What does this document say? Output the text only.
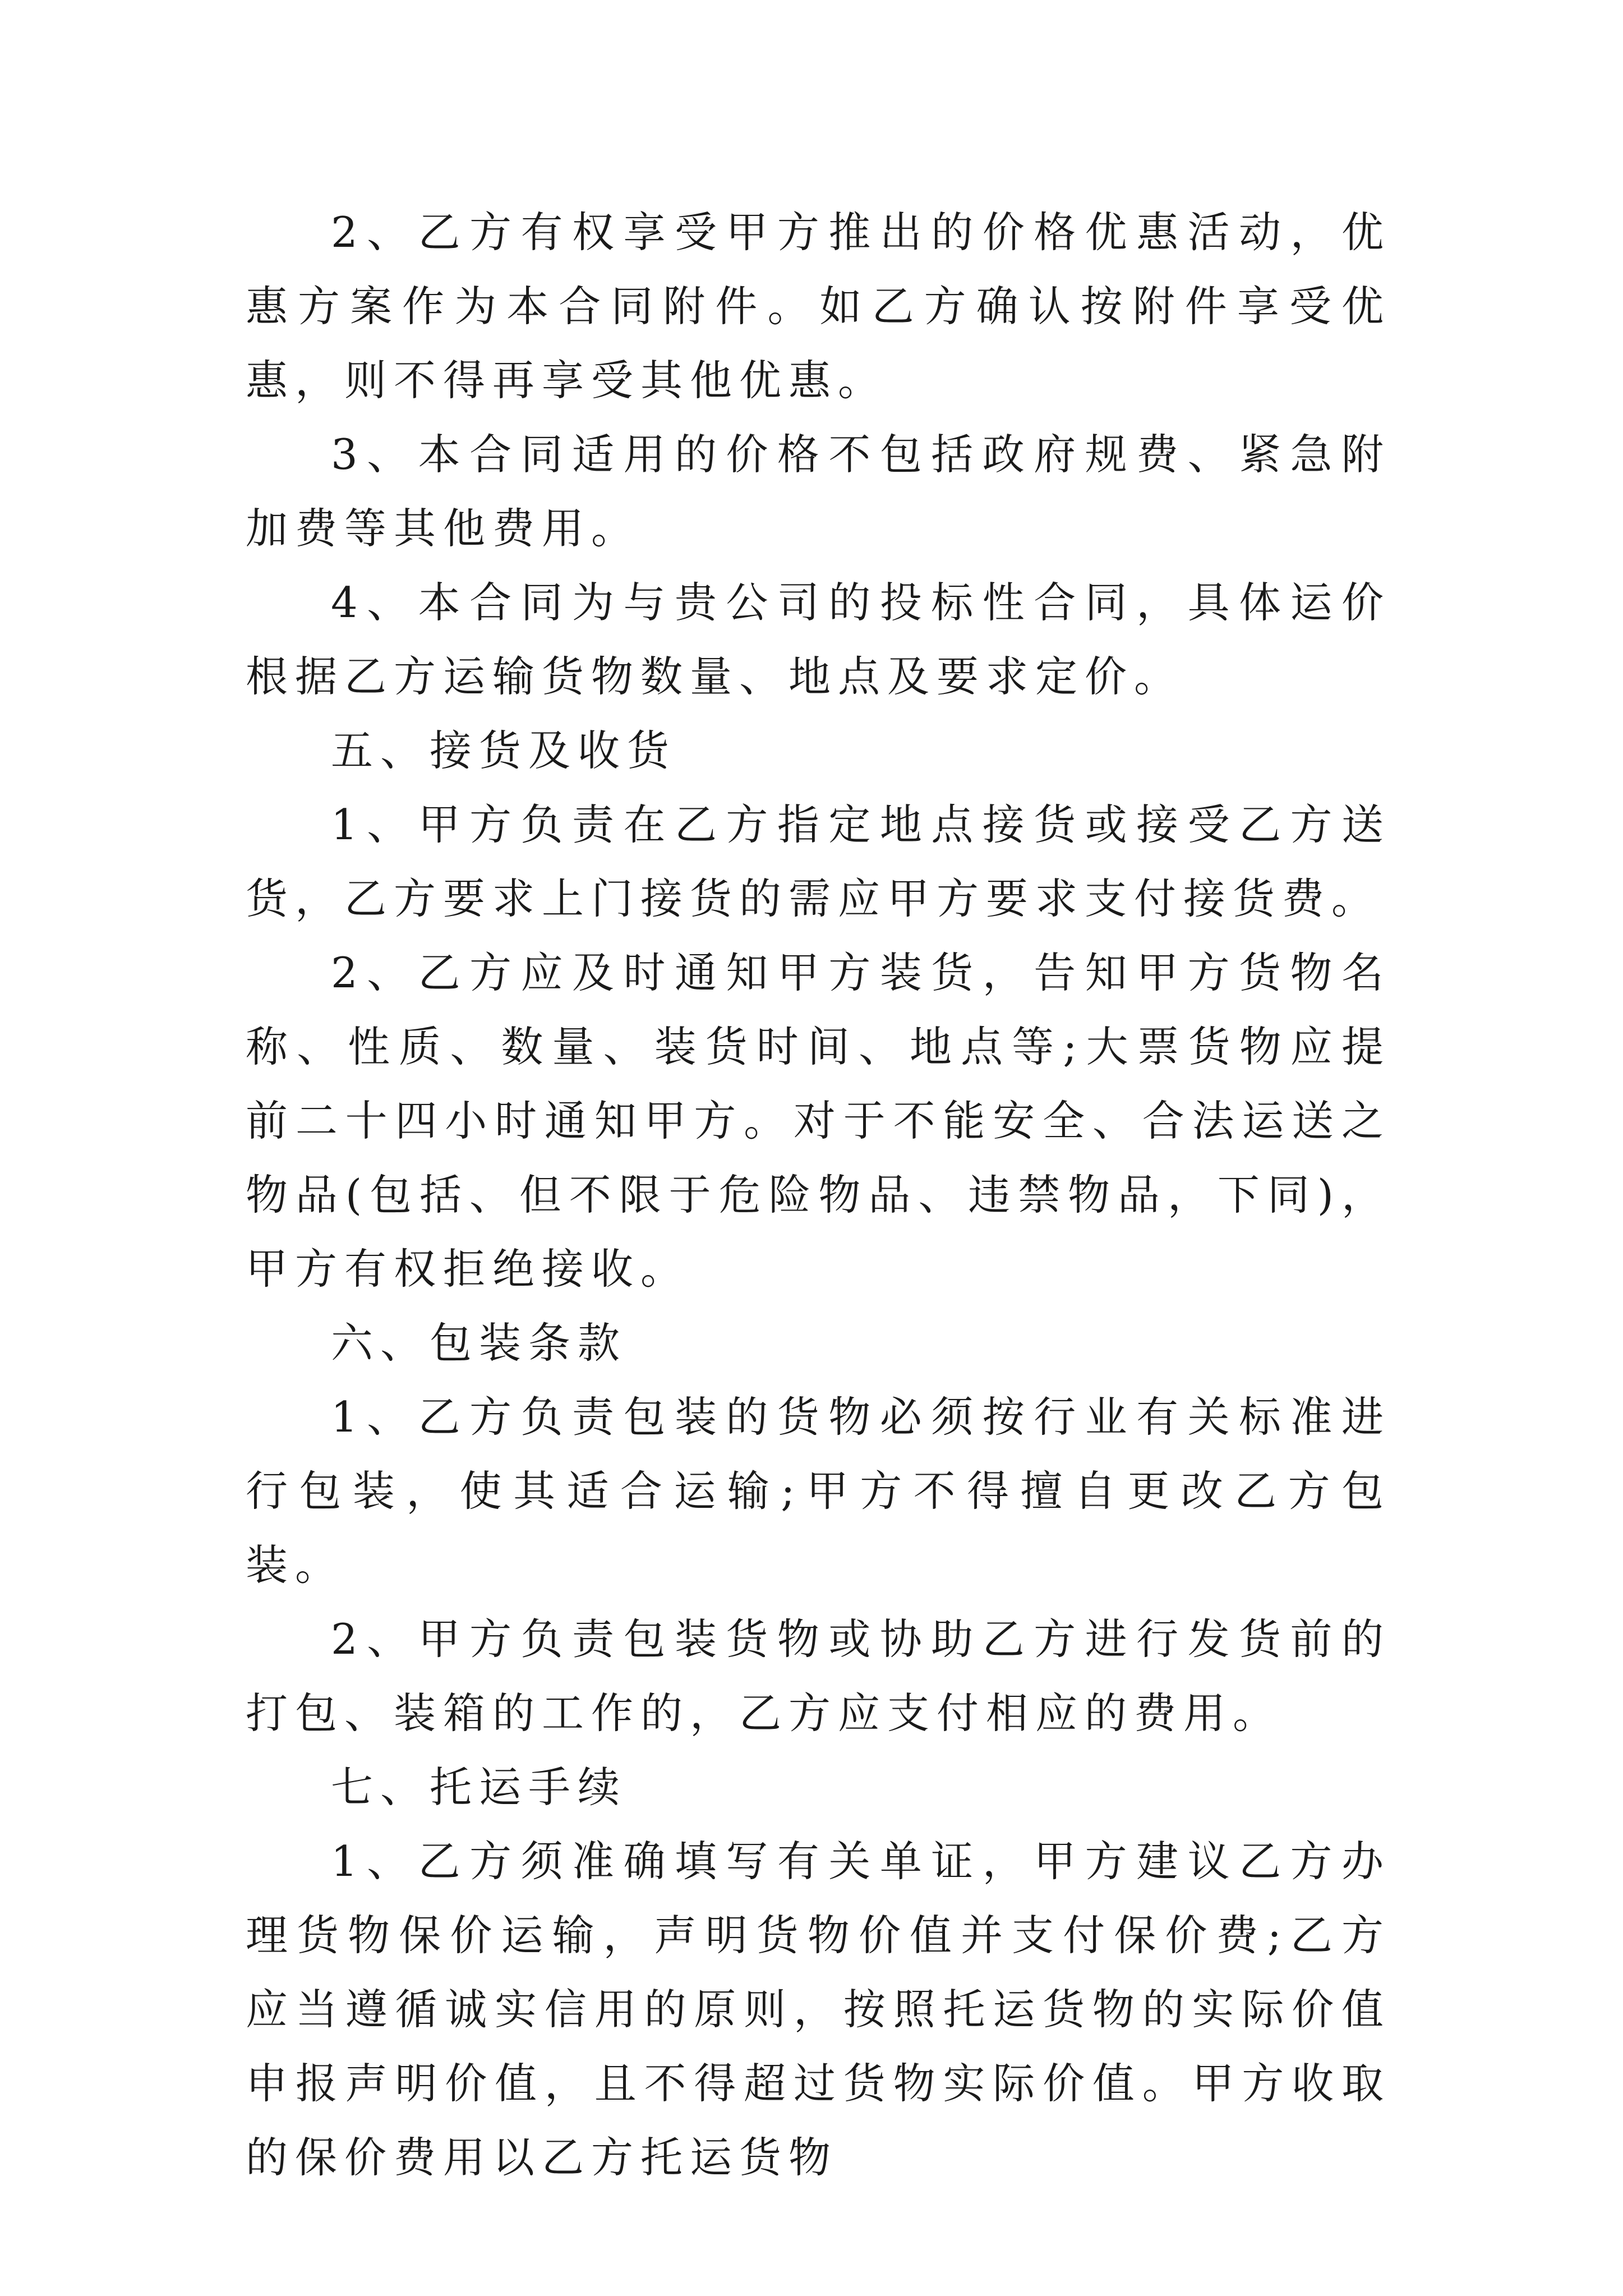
2、乙方有权享受甲方推出的价格优惠活动，优惠方案作为本合同附件。如乙方确认按附件享受优惠，则不得再享受其他优惠。

3、本合同适用的价格不包括政府规费、紧急附加费等其他费用。

4、本合同为与贵公司的投标性合同，具体运价根据乙方运输货物数量、地点及要求定价。

五、接货及收货

1、甲方负责在乙方指定地点接货或接受乙方送货，乙方要求上门接货的需应甲方要求支付接货费。

2、乙方应及时通知甲方装货，告知甲方货物名称、性质、数量、装货时间、地点等;大票货物应提前二十四小时通知甲方。对于不能安全、合法运送之物品(包括、但不限于危险物品、违禁物品，下同)，甲方有权拒绝接收。

六、包装条款

1、乙方负责包装的货物必须按行业有关标准进行包装，使其适合运输;甲方不得擅自更改乙方包装。

2、甲方负责包装货物或协助乙方进行发货前的打包、装箱的工作的，乙方应支付相应的费用。

七、托运手续

1、乙方须准确填写有关单证，甲方建议乙方办理货物保价运输，声明货物价值并支付保价费;乙方应当遵循诚实信用的原则，按照托运货物的实际价值申报声明价值，且不得超过货物实际价值。甲方收取的保价费用以乙方托运货物
